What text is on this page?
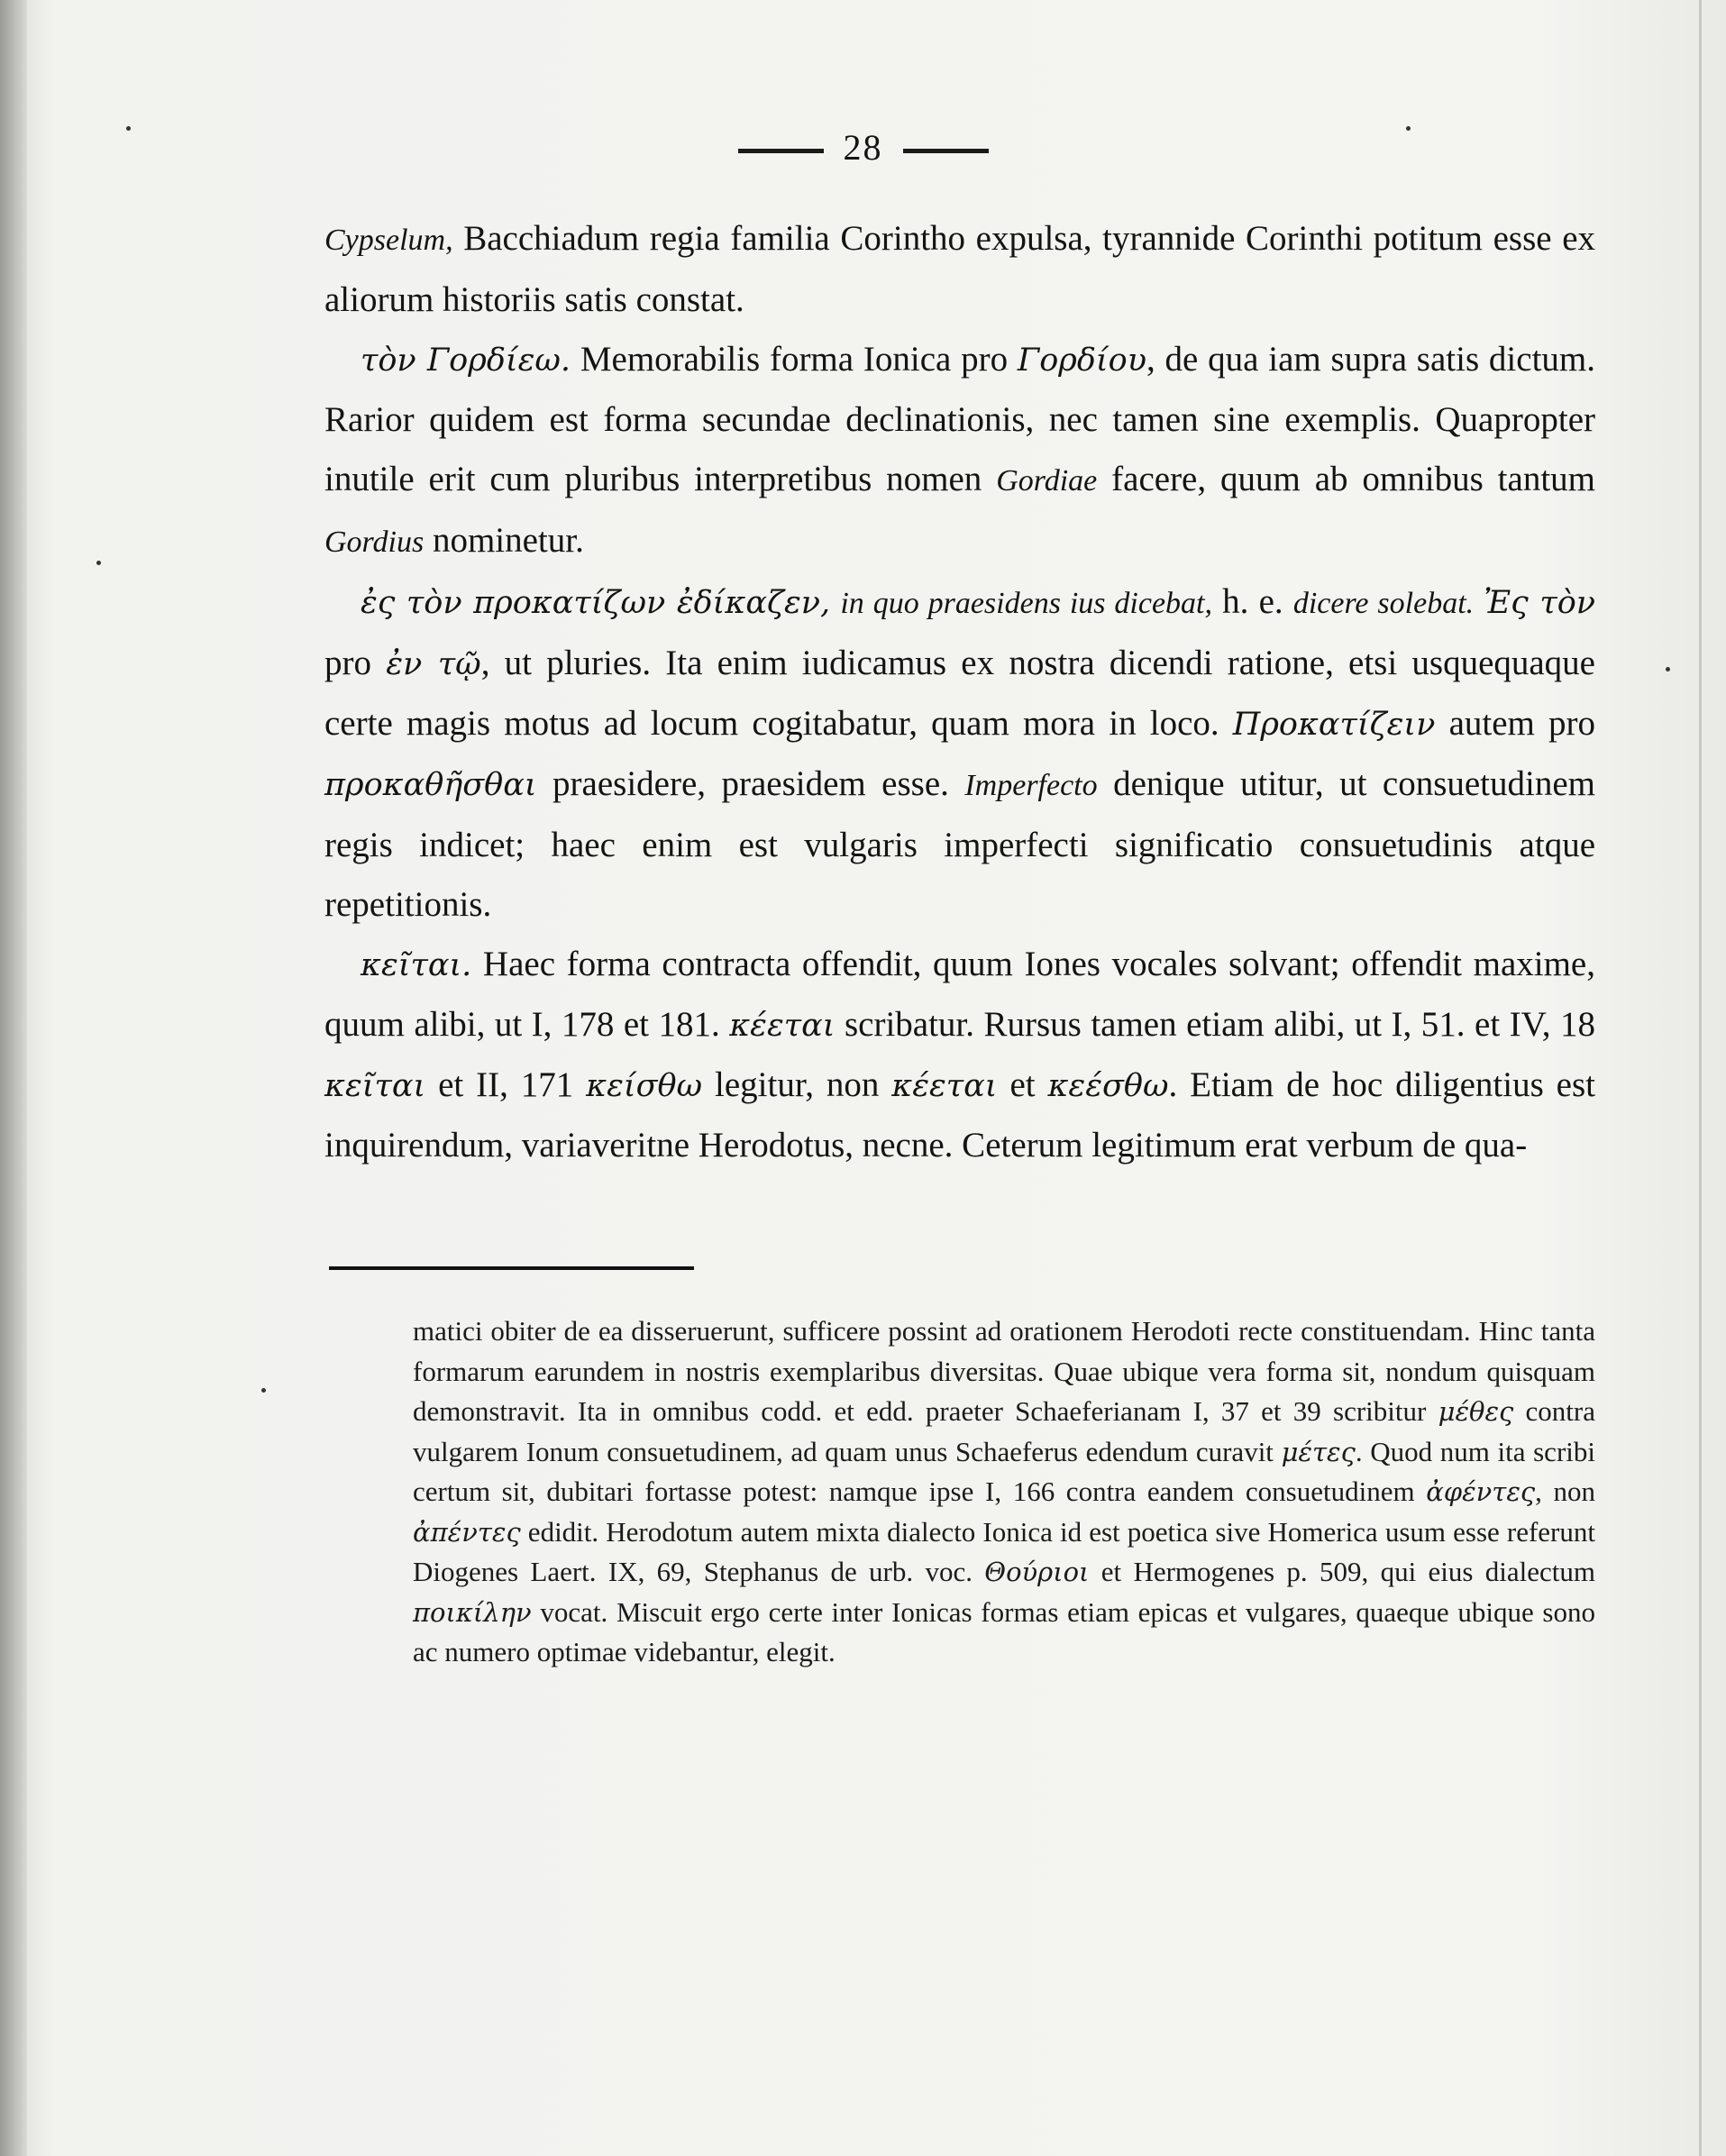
28

Cypselum, Bacchiadum regia familia Corintho expulsa, tyrannide Corinthi potitum esse ex aliorum historiis satis constat.

τὸν Γορδίεω. Memorabilis forma Ionica pro Γορδίου, de qua iam supra satis dictum. Rarior quidem est forma secundae declinationis, nec tamen sine exemplis. Quapropter inutile erit cum pluribus interpretibus nomen Gordiae facere, quum ab omnibus tantum Gordius nominetur.

ἐς τὸν προκατίζων ἐδίκαζεν, in quo praesidens ius dicebat, h. e. dicere solebat. Ἐς τὸν pro ἐν τῷ, ut pluries. Ita enim iudicamus ex nostra dicendi ratione, etsi usquequaque certe magis motus ad locum cogitabatur, quam mora in loco. Προκατίζειν autem pro προκαθῆσθαι praesidere, praesidem esse. Imperfecto denique utitur, ut consuetudinem regis indicet; haec enim est vulgaris imperfecti significatio consuetudinis atque repetitionis.

κεῖται. Haec forma contracta offendit, quum Iones vocales solvant; offendit maxime, quum alibi, ut I, 178 et 181. κέεται scribatur. Rursus tamen etiam alibi, ut I, 51. et IV, 18 κεῖται et II, 171 κείσθω legitur, non κέεται et κεέσθω. Etiam de hoc diligentius est inquirendum, variaveritne Herodotus, necne. Ceterum legitimum erat verbum de qua-

matici obiter de ea disseruerunt, sufficere possint ad orationem Herodoti recte constituendam. Hinc tanta formarum earundem in nostris exemplaribus diversitas. Quae ubique vera forma sit, nondum quisquam demonstravit. Ita in omnibus codd. et edd. praeter Schaeferianam I, 37 et 39 scribitur μέθες contra vulgarem Ionum consuetudinem, ad quam unus Schaeferus edendum curavit μέτες. Quod num ita scribi certum sit, dubitari fortasse potest: namque ipse I, 166 contra eandem consuetudinem ἀφέντες, non ἀπέντες edidit. Herodotum autem mixta dialecto Ionica id est poetica sive Homerica usum esse referunt Diogenes Laert. IX, 69, Stephanus de urb. voc. Θούριοι et Hermogenes p. 509, qui eius dialectum ποικίλην vocat. Miscuit ergo certe inter Ionicas formas etiam epicas et vulgares, quaeque ubique sono ac numero optimae videbantur, elegit.
